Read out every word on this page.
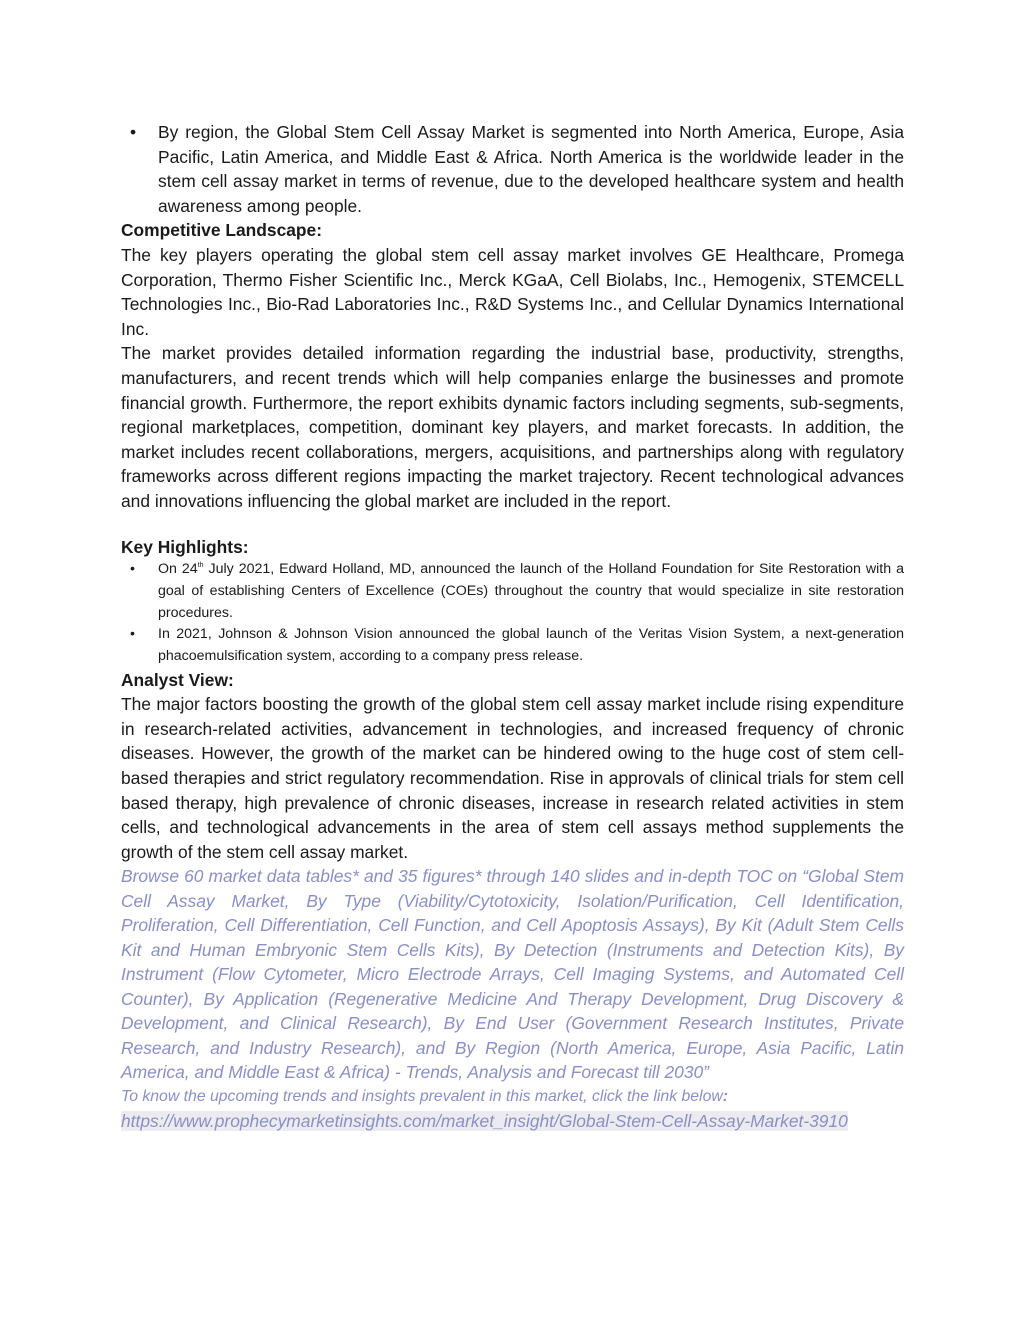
• By region, the Global Stem Cell Assay Market is segmented into North America, Europe, Asia Pacific, Latin America, and Middle East & Africa. North America is the worldwide leader in the stem cell assay market in terms of revenue, due to the developed healthcare system and health awareness among people.
Competitive Landscape:

The key players operating the global stem cell assay market involves GE Healthcare, Promega Corporation, Thermo Fisher Scientific Inc., Merck KGaA, Cell Biolabs, Inc., Hemogenix, STEMCELL Technologies Inc., Bio-Rad Laboratories Inc., R&D Systems Inc., and Cellular Dynamics International Inc.

The market provides detailed information regarding the industrial base, productivity, strengths, manufacturers, and recent trends which will help companies enlarge the businesses and promote financial growth. Furthermore, the report exhibits dynamic factors including segments, sub-segments, regional marketplaces, competition, dominant key players, and market forecasts. In addition, the market includes recent collaborations, mergers, acquisitions, and partnerships along with regulatory frameworks across different regions impacting the market trajectory. Recent technological advances and innovations influencing the global market are included in the report.

Key Highlights:
• On 24th July 2021, Edward Holland, MD, announced the launch of the Holland Foundation for Site Restoration with a goal of establishing Centers of Excellence (COEs) throughout the country that would specialize in site restoration procedures.
• In 2021, Johnson & Johnson Vision announced the global launch of the Veritas Vision System, a next-generation phacoemulsification system, according to a company press release.
Analyst View:

The major factors boosting the growth of the global stem cell assay market include rising expenditure in research-related activities, advancement in technologies, and increased frequency of chronic diseases. However, the growth of the market can be hindered owing to the huge cost of stem cell-based therapies and strict regulatory recommendation. Rise in approvals of clinical trials for stem cell based therapy, high prevalence of chronic diseases, increase in research related activities in stem cells, and technological advancements in the area of stem cell assays method supplements the growth of the stem cell assay market.

Browse 60 market data tables* and 35 figures* through 140 slides and in-depth TOC on “Global Stem Cell Assay Market, By Type (Viability/Cytotoxicity, Isolation/Purification, Cell Identification, Proliferation, Cell Differentiation, Cell Function, and Cell Apoptosis Assays), By Kit (Adult Stem Cells Kit and Human Embryonic Stem Cells Kits), By Detection (Instruments and Detection Kits), By Instrument (Flow Cytometer, Micro Electrode Arrays, Cell Imaging Systems, and Automated Cell Counter), By Application (Regenerative Medicine And Therapy Development, Drug Discovery & Development, and Clinical Research), By End User (Government Research Institutes, Private Research, and Industry Research), and By Region (North America, Europe, Asia Pacific, Latin America, and Middle East & Africa) - Trends, Analysis and Forecast till 2030”

To know the upcoming trends and insights prevalent in this market, click the link below:

https://www.prophecymarketinsights.com/market_insight/Global-Stem-Cell-Assay-Market-3910
